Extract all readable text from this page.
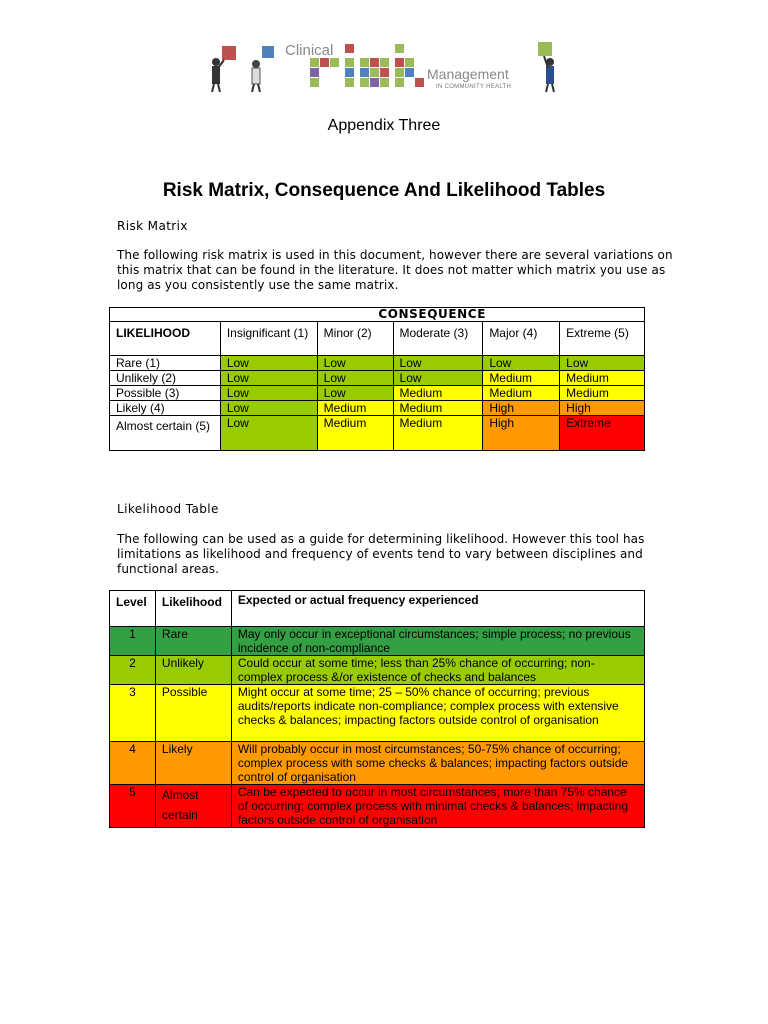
Clinical
Management
IN COMMUNITY HEALTH
Appendix Three
Risk Matrix, Consequence And Likelihood Tables
Risk Matrix
The following risk matrix is used in this document, however there are several variations on this matrix that can be found in the literature. It does not matter which matrix you use as long as you consistently use the same matrix.
	CONSEQUENCE				
LIKELIHOOD	Insignificant (1)	Minor (2)	Moderate (3)	Major (4)	Extreme (5)
Rare (1)	Low	Low	Low	Low	Low
Unlikely (2)	Low	Low	Low	Medium	Medium
Possible (3)	Low	Low	Medium	Medium	Medium
Likely (4)	Low	Medium	Medium	High	High
Almost certain (5)	Low	Medium	Medium	High	Extreme
Likelihood Table
The following can be used as a guide for determining likelihood. However this tool has limitations as likelihood and frequency of events tend to vary between disciplines and functional areas.
Level	Likelihood	Expected or actual frequency experienced
1	Rare	May only occur in exceptional circumstances; simple process; no previous incidence of non-compliance
2	Unlikely	Could occur at some time; less than 25% chance of occurring; non-complex process &/or existence of checks and balances
3	Possible	Might occur at some time; 25 – 50% chance of occurring; previous audits/reports indicate non-compliance; complex process with extensive checks & balances; impacting factors outside control of organisation
4	Likely	Will probably occur in most circumstances; 50-75% chance of occurring; complex process with some checks & balances; impacting factors outside control of organisation
5	Almost certain	Can be expected to occur in most circumstances; more than 75% chance of occurring; complex process with minimal checks & balances; impacting factors outside control of organisation
